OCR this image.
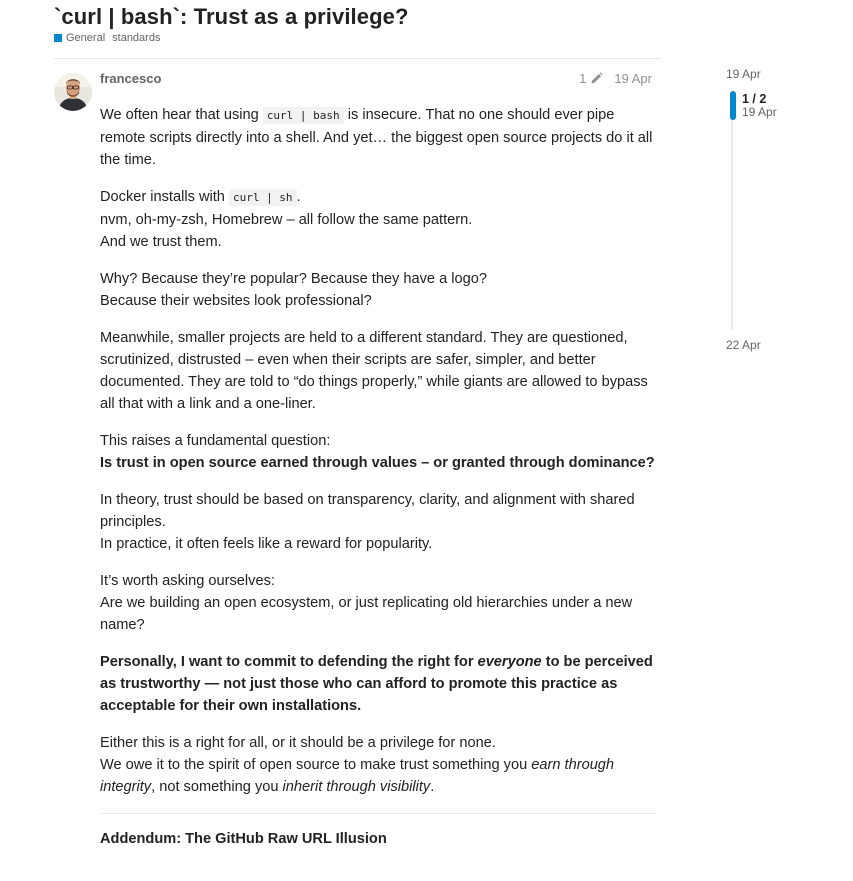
`curl | bash`: Trust as a privilege?
General standards
francesco	1 19 Apr

We often hear that using curl | bash is insecure. That no one should ever pipe remote scripts directly into a shell. And yet… the biggest open source projects do it all the time.

Docker installs with curl | sh .
nvm, oh-my-zsh, Homebrew – all follow the same pattern.
And we trust them.

Why? Because they’re popular? Because they have a logo?
Because their websites look professional?

Meanwhile, smaller projects are held to a different standard. They are questioned, scrutinized, distrusted – even when their scripts are safer, simpler, and better documented. They are told to “do things properly,” while giants are allowed to bypass all that with a link and a one-liner.

This raises a fundamental question:
Is trust in open source earned through values – or granted through dominance?

In theory, trust should be based on transparency, clarity, and alignment with shared principles.
In practice, it often feels like a reward for popularity.

It’s worth asking ourselves:
Are we building an open ecosystem, or just replicating old hierarchies under a new name?

Personally, I want to commit to defending the right for everyone to be perceived as trustworthy — not just those who can afford to promote this practice as acceptable for their own installations.

Either this is a right for all, or it should be a privilege for none.
We owe it to the spirit of open source to make trust something you earn through integrity, not something you inherit through visibility.

Addendum: The GitHub Raw URL Illusion
19 Apr
1 / 2
19 Apr
22 Apr
